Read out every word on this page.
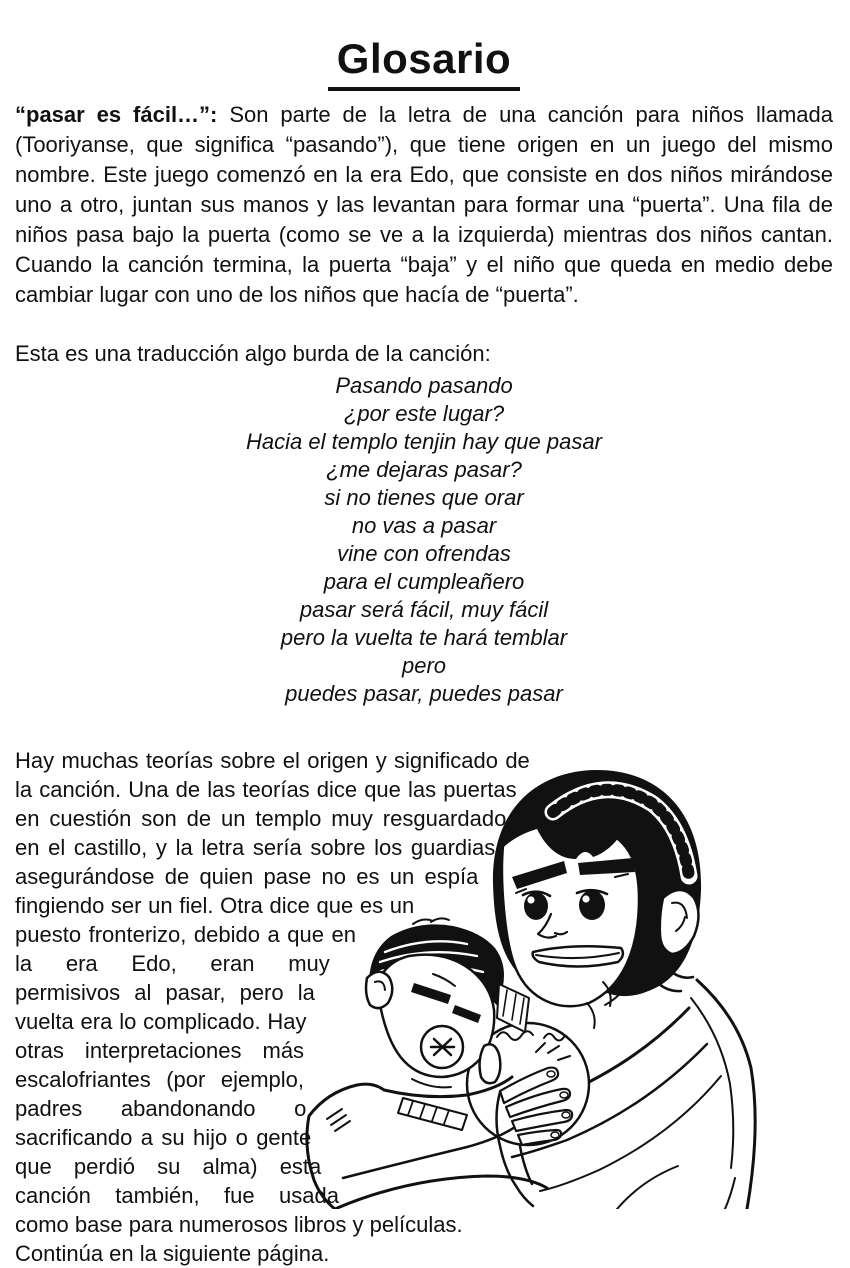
Glosario
“pasar es fácil…”: Son parte de la letra de una canción para niños llamada (Tooriyanse, que significa “pasando”), que tiene origen en un juego del mismo nombre. Este juego comenzó en la era Edo, que consiste en dos niños mirándose uno a otro, juntan sus manos y las levantan para formar una “puerta”. Una fila de niños pasa bajo la puerta (como se ve a la izquierda) mientras dos niños cantan. Cuando la canción termina, la puerta “baja” y el niño que queda en medio debe cambiar lugar con uno de los niños que hacía de “puerta”.
Esta es una traducción algo burda de la canción:
Pasando pasando
¿por este lugar?
Hacia el templo tenjin hay que pasar
¿me dejaras pasar?
si no tienes que orar
no vas a pasar
vine con ofrendas
para el cumpleañero
pasar será fácil, muy fácil
pero la vuelta te hará temblar
pero
puedes pasar, puedes pasar
Hay muchas teorías sobre el origen y significado de la canción. Una de las teorías dice que las puertas en cuestión son de un templo muy resguardado en el castillo, y la letra sería sobre los guardias asegurándose de quien pase no es un espía fingiendo ser un fiel. Otra dice que es un puesto fronterizo, debido a que en la era Edo, eran muy permisivos al pasar, pero la vuelta era lo complicado. Hay otras interpretaciones más escalofriantes (por ejemplo, padres abandonando o sacrificando a su hijo o gente que perdió su alma) esta canción también, fue usada como base para numerosos libros y películas.
Continúa en la siguiente página.
